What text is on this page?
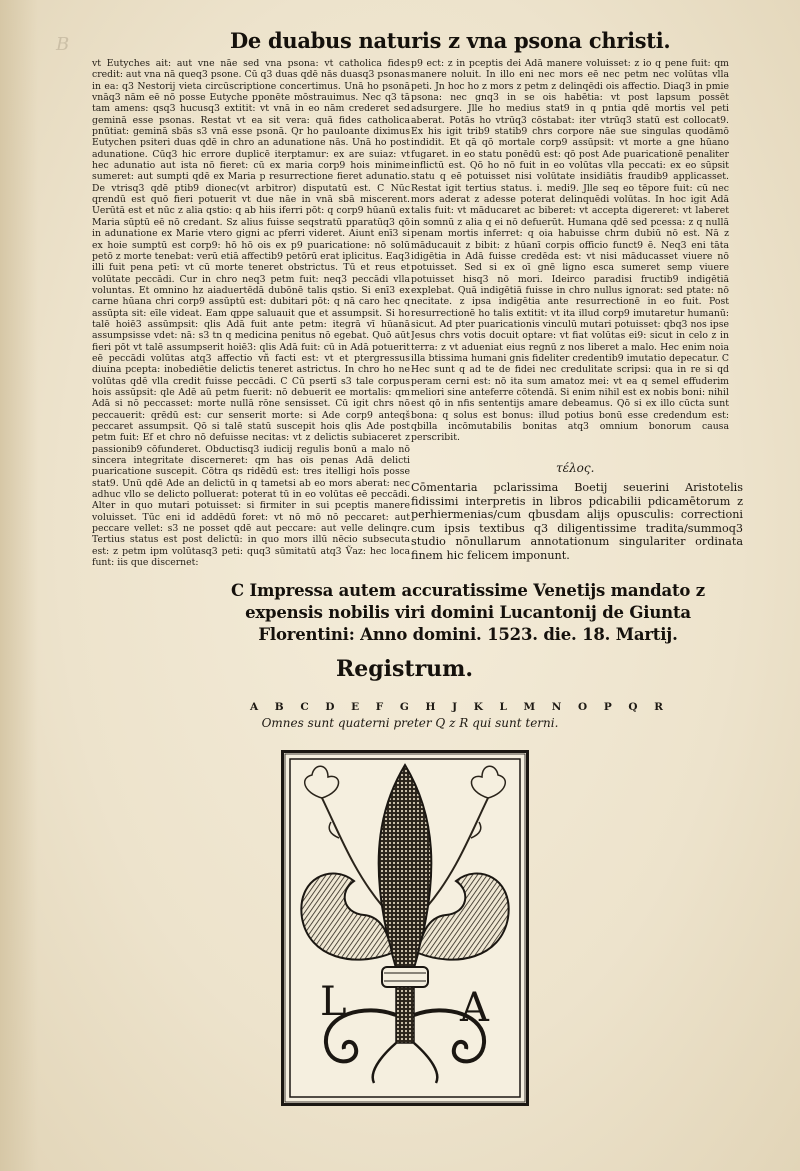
B	De duabus naturis z vna psona christi.
vt Eutyches ait: aut vne nāe sed vna psona: vt catholica fides credit: aut vna nā queq3 psone. Cū q3 duas qdē nās duasq3 psonas in ea: q3 Nestorij vieta circūscriptione concertimus. Unā ho psonā vnāq3 nām eē nō posse Eutyche pponēte mōstrauimus. Nec q3 tā tam amens: qsq3 hucusq3 extitit: vt vnā in eo nām crederet sed geminā esse psonas. Restat vt ea sit vera: quā fides catholica pnūtiat: geminā sbās s3 vnā esse psonā. Qr ho pauloante diximus Eutychen psiteri duas qdē in chro an adunatione nās. Unā ho post adunatione. Cūq3 hic errore duplicē iterptamur: ex are suiaz: vt hec adunatio aut ista nō fieret: cū ex maria corp9 hois minime sumeret: aut sumpti qdē ex Maria p resurrectione fieret adunatio. De vtrisq3 qdē ptib9 dionec(vt arbitror) disputatū est. C Nūc qrendū est quō fieri potuerit vt due nāe in vnā sbā miscerent. Uerūtā est et nūc z alia qstio: q ab hiis iferri pōt: q corp9 hūanū ex Maria sūptū eē nō credant. Sz alius fuisse seqstratū pparatūq3 qō in adunatione ex Marie vtero gigni ac pferri videret. Aiunt enī3 si ex hoie sumptū est corp9: hō hō ois ex p9 puaricatione: nō solū petō z morte tenebat: verū etiā affectib9 petōrū erat iplicitus. Eaq3 illi fuit pena petī: vt cū morte teneret obstrictus. Tū et reus et volūtate peccādi. Cur in chro neq3 petm fuit: neq3 peccādi vlla voluntas. Et omnino hz aiaduertēdā dubōnē talis qstio. Si enī3 ex carne hūana chri corp9 assūptū est: dubitari pōt: q nā caro hec q assūpta sit: eīle videat. Eam qppe saluauit que et assumpsit. Si ho talē hoiē3 assūmpsit: qlis Adā fuit ante petm: itegrā vī hūanā assumpsisse vdet: nā: s3 tn q medicina penitus nō egebat. Quō aūt fieri pōt vt talē assumpserit hoiē3: qlis Adā fuit: cū in Adā potuerit eē peccādi volūtas atq3 affectio vñ facti est: vt et ptergressus diuina pcepta: inobediētie delictis teneret astrictus. In chro ho ne volūtas qdē vlla credit fuisse peccādi. C Cū psertī s3 tale corpus hois assūpsit: qle Adē aū petm fuerit: nō debuerit ee mortalis: qm Adā si nō peccasset: morte nullā rōne sensisset. Cū igit chrs nō peccauerit: qrēdū est: cur senserit morte: si Ade corp9 anteqš peccaret assumpsit. Qō si talē statū suscepit hois qlis Ade post petm fuit: Ef et chro nō defuisse necitas: vt z delictis subiaceret z passionib9 cōfunderet. Obductisq3 iudicij regulis bonū a malo nō sincera integritate discerneret: qm has ois penas Adā delicti puaricatione suscepit. Cōtra qs ridēdū est: tres itelligi hoīs posse stat9. Unū qdē Ade an delictū in q tametsi ab eo mors aberat: nec adhuc vllo se delicto polluerat: poterat tū in eo volūtas eē peccādi. Alter in quo mutari potuisset: si firmiter in sui pceptis manere voluisset. Tūc eni id addēdū foret: vt nō mō nō peccaret: aut peccare vellet: s3 ne posset qdē aut peccare: aut velle delinqre. Tertius status est post delictū: in quo mors illū nēcio subsecuta est: z petm ipm volūtasq3 peti: quq3 sūmitatū atq3 Ṽaz: hec loca funt: iis que discernet:
p9 ect: z in pceptis dei Adā manere voluisset: z io q pene fuit: qm manere noluit. In illo eni nec mors eē nec petm nec volūtas vlla peti. Jn hoc ho z mors z petm z delinqēdi ois affectio. Diaq3 in pmie psona: nec gnq3 in se ois habētia: vt post lapsum possēt adsurgere. Jlle ho medius stat9 in q pntia qdē mortis vel peti aberat. Potās ho vtrūq3 cōstabat: iter vtrūq3 statū est collocat9. Ex his igit trib9 statib9 chrs corpore nāe sue singulas quodāmō indidit. Et qā qō mortale corp9 assūpsit: vt morte a gne hūano fugaret. in eo statu ponēdū est: qō post Ade puaricationē penaliter inflictū est. Qō ho nō fuit in eo volūtas vlla peccati: ex eo sūpsit statu q eē potuisset nisi volūtate insidiātis fraudib9 applicasset. Restat igit tertius status. i. medi9. Jlle seq eo tēpore fuit: cū nec mors aderat z adesse poterat delinquēdi volūtas. In hoc igit Adā talis fuit: vt māducaret ac biberet: vt accepta digereret: vt laberet in somnū z alia q ei nō defuerūt. Humana qdē sed pcessa: z q nullā penam mortis inferret: q oia habuisse chrm dubiū nō est. Nā z māducauit z bibit: z hūanī corpis officio funct9 ē. Neq3 eni tāta idigētia in Adā fuisse credēda est: vt nisi māducasset viuere nō potuisset. Sed si ex oī gnē ligno esca sumeret semp viuere potuisset hisq3 nō mori. Ideirco paradisi fructib9 indigētiā explebat. Quā indigētiā fuisse in chro nullus ignorat: sed ptate: nō necitate. z ipsa indigētia ante resurrectionē in eo fuit. Post resurrectionē ho talis extitit: vt ita illud corp9 imutaretur humanū: sicut. Ad pter puaricationis vinculū mutari potuisset: qbq3 nos ipse Jesus chrs votis docuit optare: vt fiat volūtas ei9: sicut in celo z in terra: z vt adueniat eius regnū z nos liberet a malo. Hec enim noia illa btissima humani gnis fideliter credentib9 imutatio depecatur. C Hec sunt q ad te de fidei nec credulitate scripsi: qua in re si qd peram cerni est: nō ita sum amatoz mei: vt ea q semel effuderim meliori sine anteferre cōtendā. Si enim nihil est ex nobis boni: nihil est qō in nfis sententijs amare debeamus. Qō si ex illo cūcta sunt bona: q solus est bonus: illud potius bonū esse credendum est: qbilla incōmutabilis bonitas atq3 omnium bonorum causa perscribit.
τέλος.
Cōmentaria pclarissima Boetij seuerini Aristotelis fidissimi interpretis in libros pdicabilii pdicamētorum z perhiermenias/cum qbusdam alijs opusculis: correctioni cum ipsis textibus q3 diligentissime tradita/summoq3 studio nōnullarum annotationum singulariter ordinata finem hic felicem imponunt.
C Impressa autem accuratissime Venetijs mandato z expensis nobilis viri domini Lucantonij de Giunta Florentini: Anno domini. 1523. die. 18. Martij.
Registrum.
A B C D E F G H J K L M N O P Q R
Omnes sunt quaterni preter Q z R qui sunt terni.
L	A
